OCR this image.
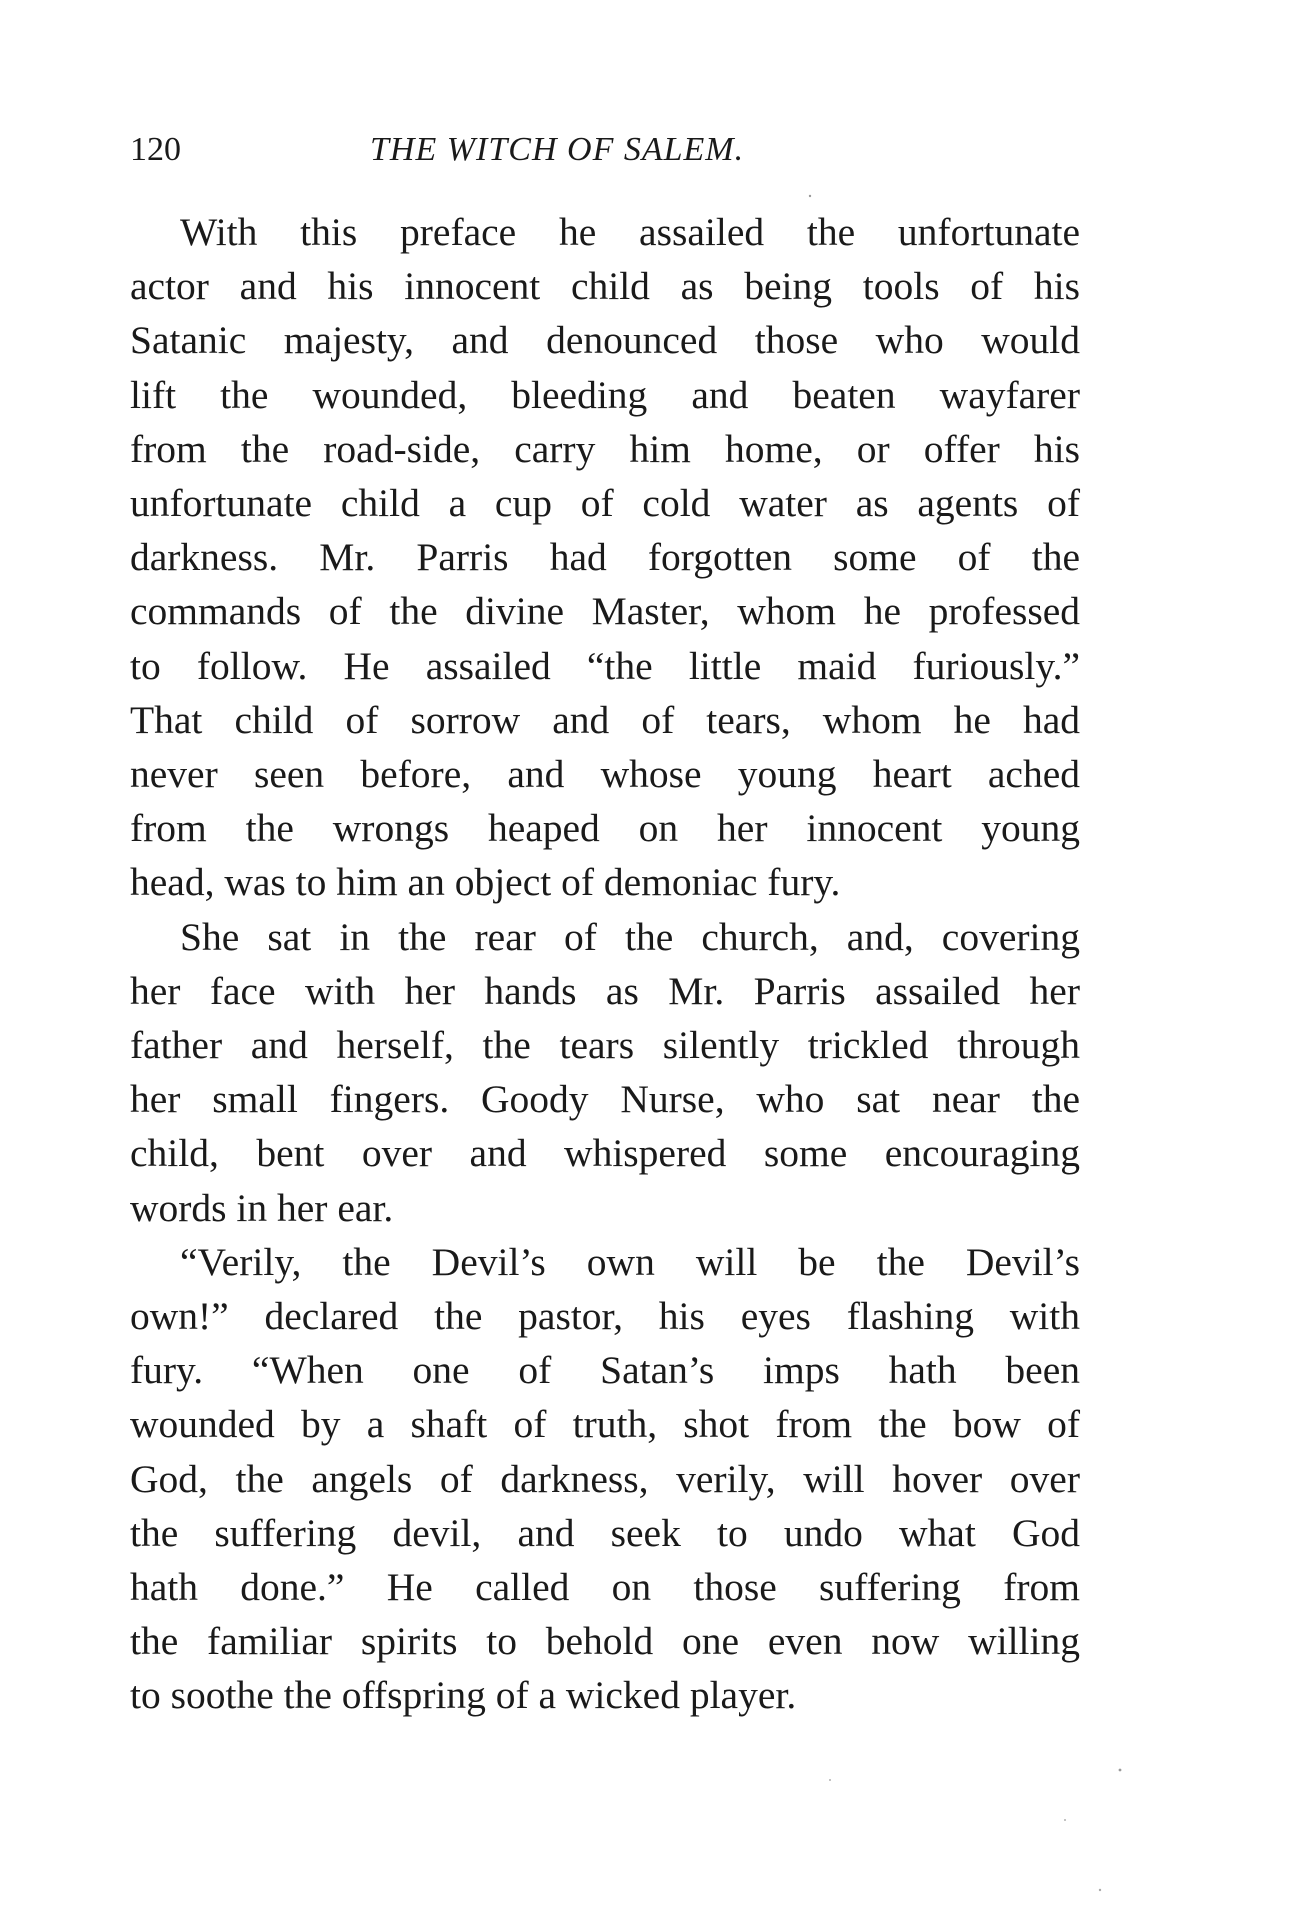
120	THE WITCH OF SALEM.
With this preface he assailed the unfortunate
actor and his innocent child as being tools of his
Satanic majesty, and denounced those who would
lift the wounded, bleeding and beaten wayfarer
from the road-side, carry him home, or offer his
unfortunate child a cup of cold water as agents of
darkness. Mr. Parris had forgotten some of the
commands of the divine Master, whom he professed
to follow. He assailed “the little maid furiously.”
That child of sorrow and of tears, whom he had
never seen before, and whose young heart ached
from the wrongs heaped on her innocent young
head, was to him an object of demoniac fury.
She sat in the rear of the church, and, covering
her face with her hands as Mr. Parris assailed her
father and herself, the tears silently trickled through
her small fingers. Goody Nurse, who sat near the
child, bent over and whispered some encouraging
words in her ear.
“Verily, the Devil’s own will be the Devil’s
own!” declared the pastor, his eyes flashing with
fury. “When one of Satan’s imps hath been
wounded by a shaft of truth, shot from the bow of
God, the angels of darkness, verily, will hover over
the suffering devil, and seek to undo what God
hath done.” He called on those suffering from
the familiar spirits to behold one even now willing
to soothe the offspring of a wicked player.
